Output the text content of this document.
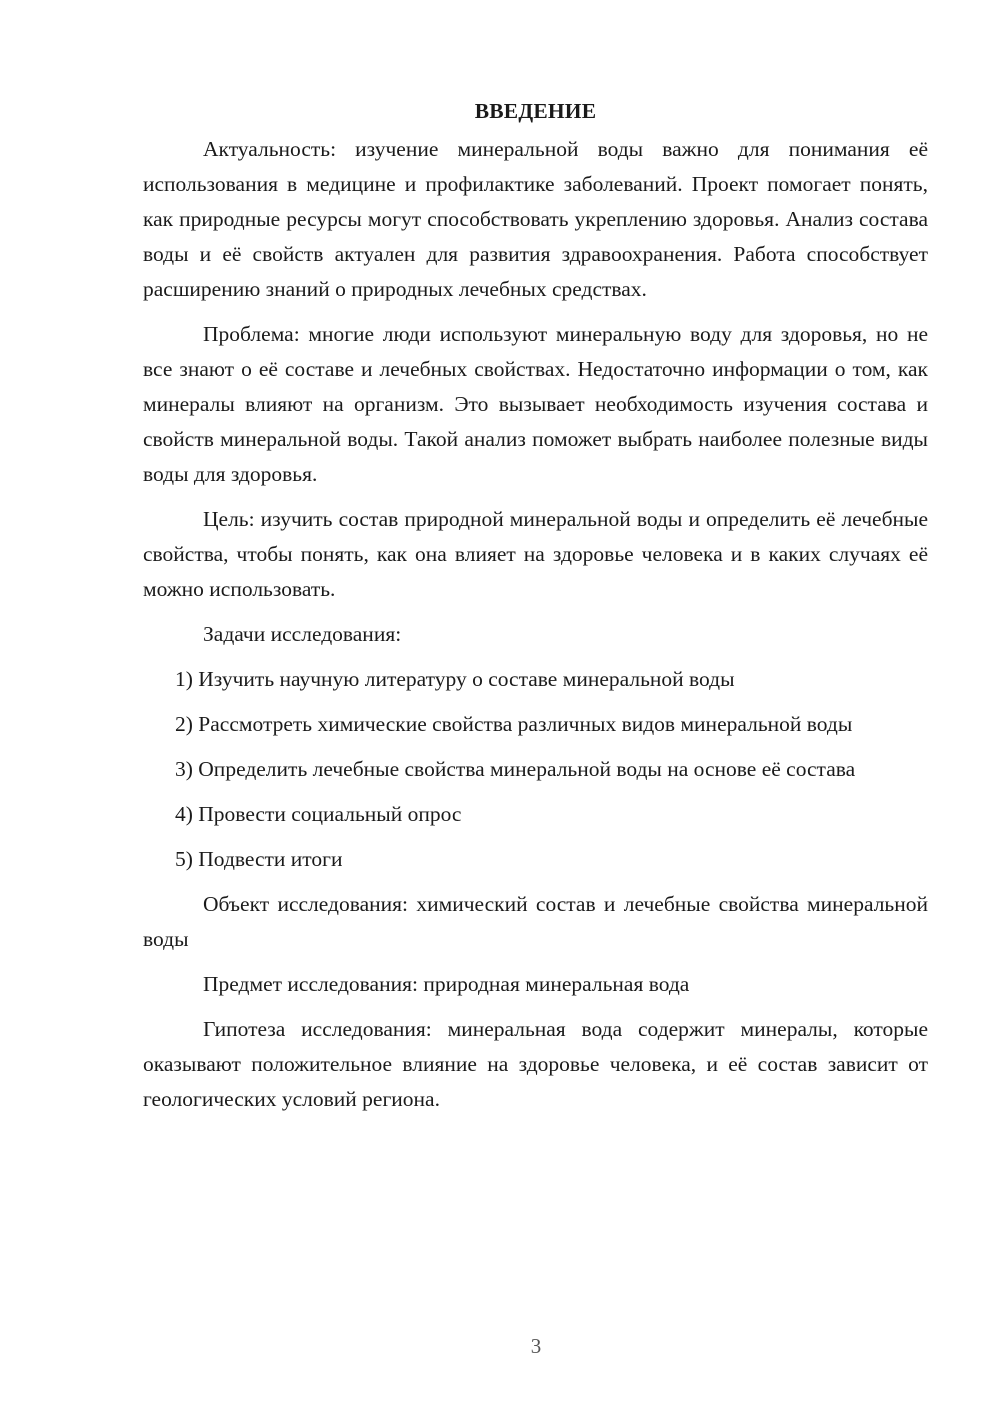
ВВЕДЕНИЕ

Актуальность: изучение минеральной воды важно для понимания её использования в медицине и профилактике заболеваний. Проект помогает понять, как природные ресурсы могут способствовать укреплению здоровья. Анализ состава воды и её свойств актуален для развития здравоохранения. Работа способствует расширению знаний о природных лечебных средствах.

Проблема: многие люди используют минеральную воду для здоровья, но не все знают о её составе и лечебных свойствах. Недостаточно информации о том, как минералы влияют на организм. Это вызывает необходимость изучения состава и свойств минеральной воды. Такой анализ поможет выбрать наиболее полезные виды воды для здоровья.

Цель: изучить состав природной минеральной воды и определить её лечебные свойства, чтобы понять, как она влияет на здоровье человека и в каких случаях её можно использовать.

Задачи исследования:

1) Изучить научную литературу о составе минеральной воды

2) Рассмотреть химические свойства различных видов минеральной воды

3) Определить лечебные свойства минеральной воды на основе её состава

4) Провести социальный опрос

5) Подвести итоги

Объект исследования: химический состав и лечебные свойства минеральной воды

Предмет исследования: природная минеральная вода

Гипотеза исследования: минеральная вода содержит минералы, которые оказывают положительное влияние на здоровье человека, и её состав зависит от геологических условий региона.

3
